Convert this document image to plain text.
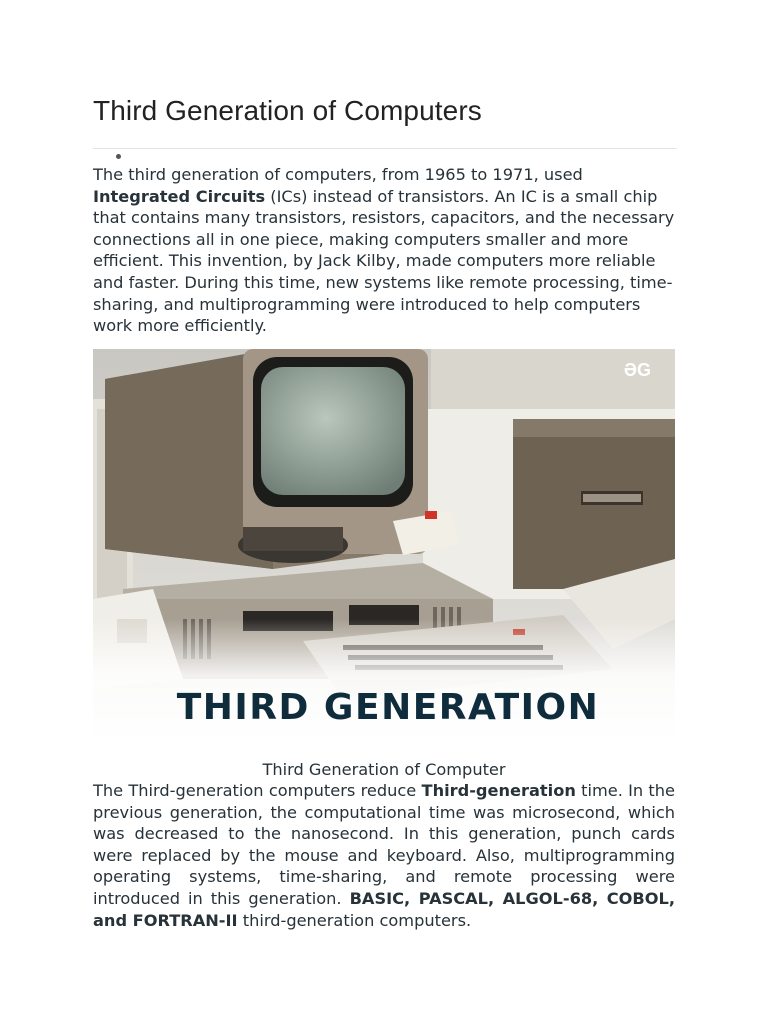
Third Generation of Computers

The third generation of computers, from 1965 to 1971, used Integrated Circuits (ICs) instead of transistors. An IC is a small chip that contains many transistors, resistors, capacitors, and the necessary connections all in one piece, making computers smaller and more efficient. This invention, by Jack Kilby, made computers more reliable and faster. During this time, new systems like remote processing, time-sharing, and multiprogramming were introduced to help computers work more efficiently.

ƏG
THIRD GENERATION
Third Generation of Computer

The Third-generation computers reduce Third-generation time. In the previous generation, the computational time was microsecond, which was decreased to the nanosecond. In this generation, punch cards were replaced by the mouse and keyboard. Also, multiprogramming operating systems, time-sharing, and remote processing were introduced in this generation. BASIC, PASCAL, ALGOL-68, COBOL, and FORTRAN-II third-generation computers.
